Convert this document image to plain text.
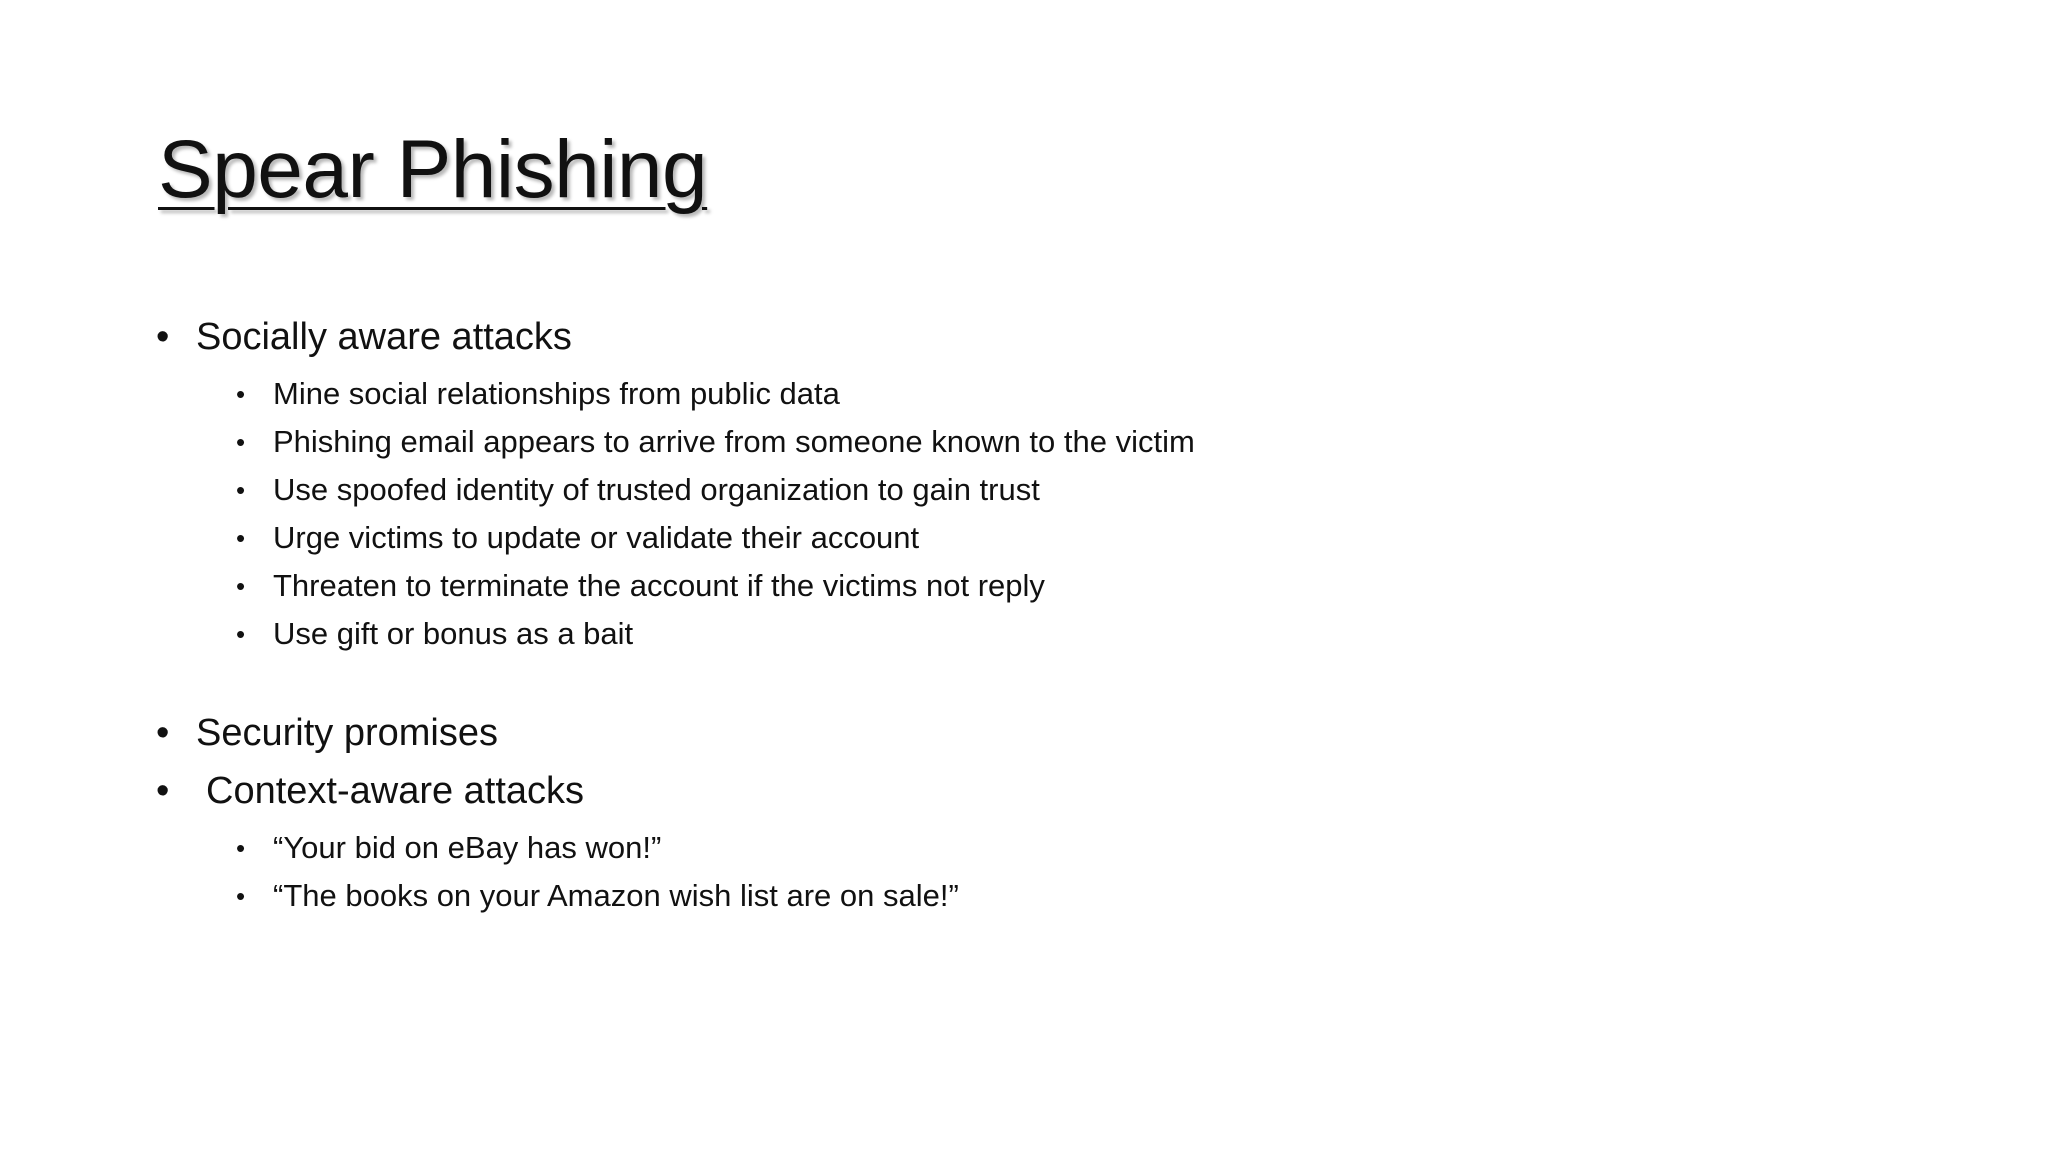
Spear Phishing
• Socially aware attacks
• Mine social relationships from public data
• Phishing email appears to arrive from someone known to the victim
• Use spoofed identity of trusted organization to gain trust
• Urge victims to update or validate their account
• Threaten to terminate the account if the victims not reply
• Use gift or bonus as a bait
• Security promises
• Context-aware attacks
• “Your bid on eBay has won!”
• “The books on your Amazon wish list are on sale!”
